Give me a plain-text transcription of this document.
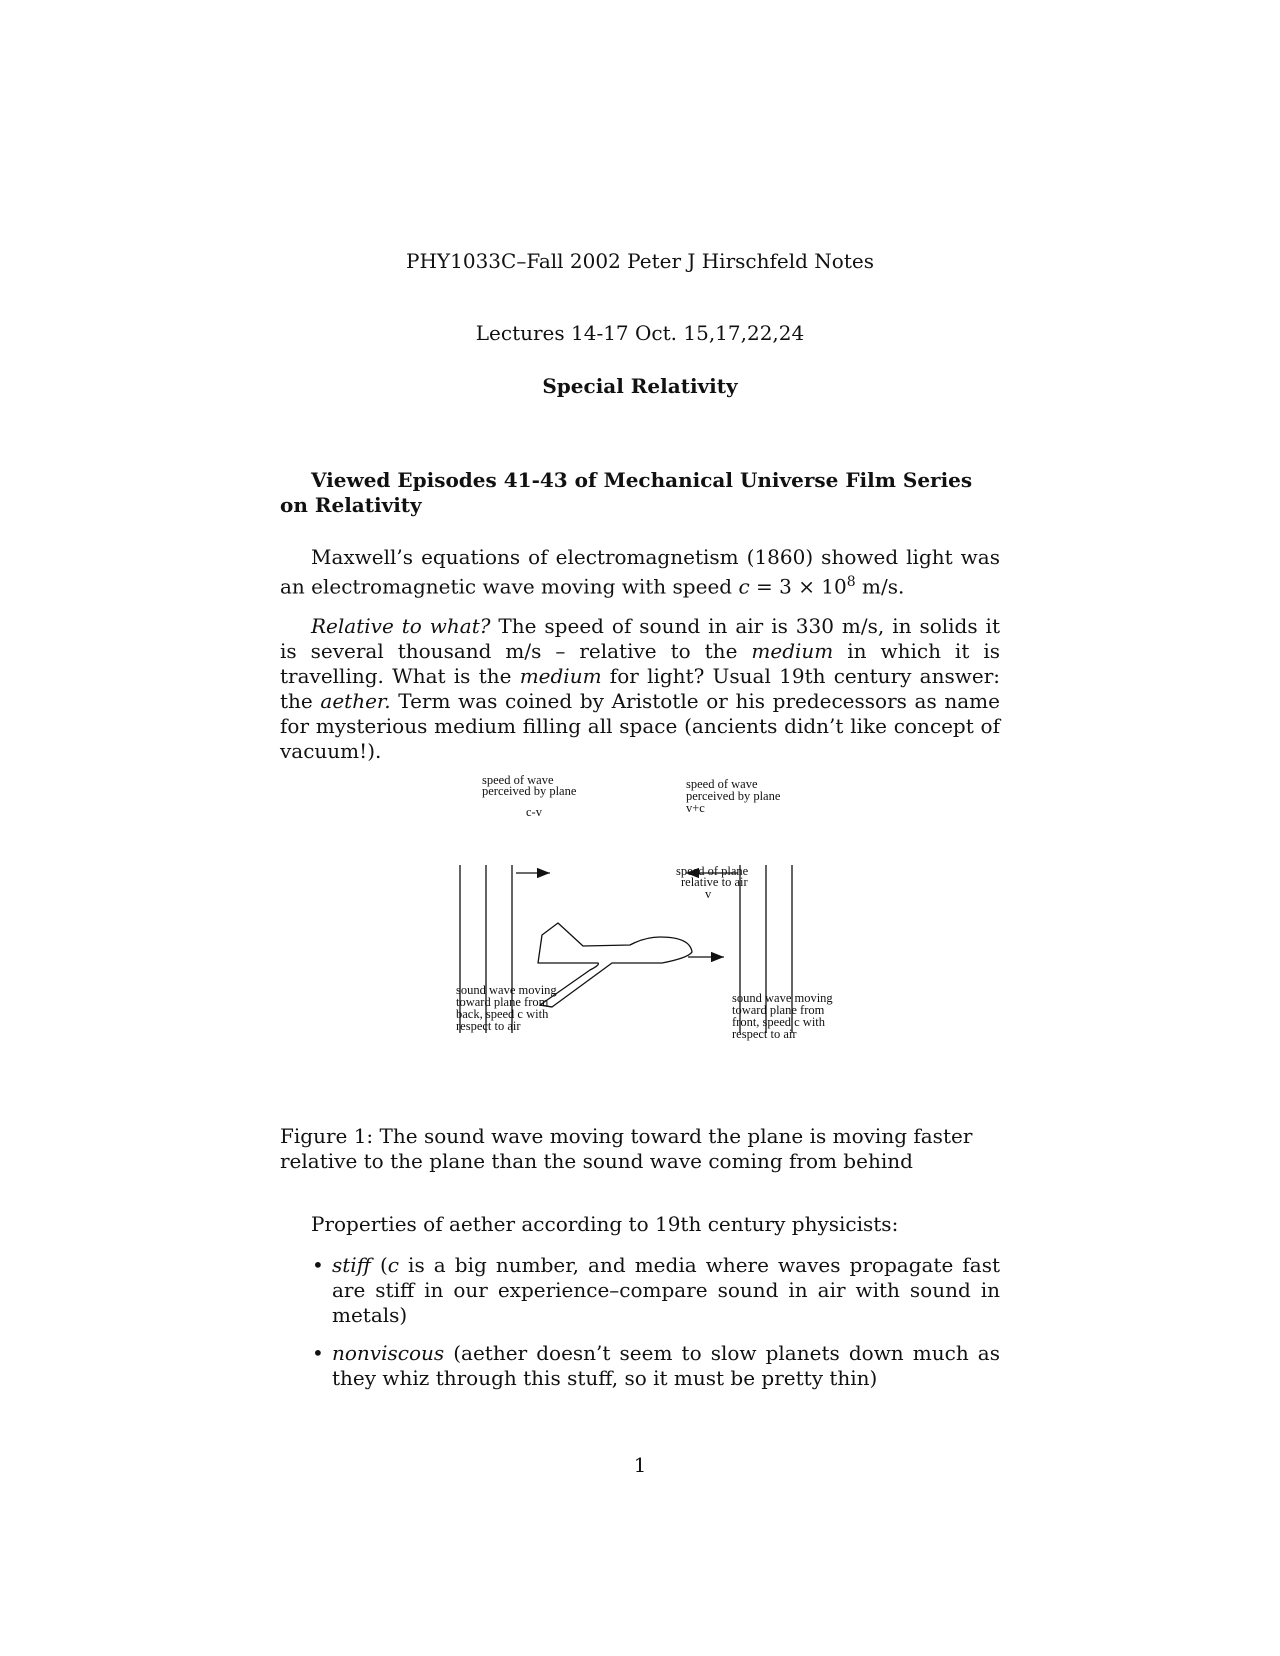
PHY1033C–Fall 2002 Peter J Hirschfeld Notes
Lectures 14-17 Oct. 15,17,22,24
Special Relativity
Viewed Episodes 41-43 of Mechanical Universe Film Series on Relativity
Maxwell’s equations of electromagnetism (1860) showed light was an electromagnetic wave moving with speed $c = 3 \times 10^8$ m/s.
Relative to what? The speed of sound in air is 330 m/s, in solids it is several thousand m/s – relative to the medium in which it is travelling. What is the medium for light? Usual 19th century answer: the aether. Term was coined by Aristotle or his predecessors as name for mysterious medium filling all space (ancients didn’t like concept of vacuum!).
speed of wave
perceived by plane
c-v
speed of wave
perceived by plane
v+c
speed of plane
relative to air
v
sound wave moving
toward plane from
back, speed c with
respect to air
sound wave moving
toward plane from
front, speed c with
respect to air
Figure 1: The sound wave moving toward the plane is moving faster relative to the plane than the sound wave coming from behind
Properties of aether according to 19th century physicists:
• stiff (c is a big number, and media where waves propagate fast are stiff in our experience–compare sound in air with sound in metals)
• nonviscous (aether doesn’t seem to slow planets down much as they whiz through this stuff, so it must be pretty thin)
1
